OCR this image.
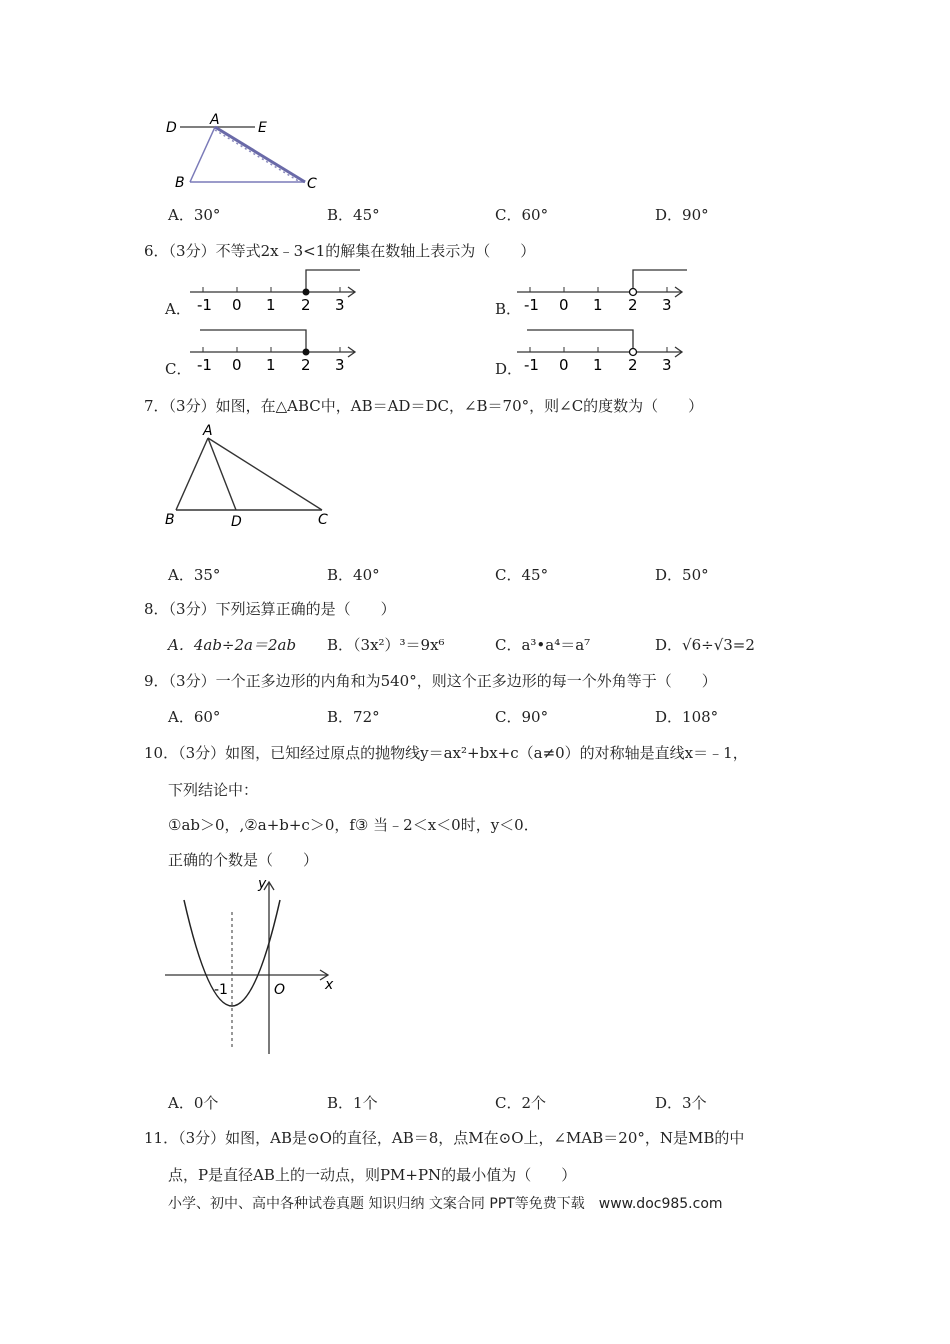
D A	E
B	C
A．30°	B．45°	C．60°	D．90°
6．（3分）不等式2x﹣3<1的解集在数轴上表示为（　　）
A．	B．
C．	D．
-1 0 1 2 3	-1 0 1 2 3
-1 0 1 2 3	-1 0 1 2 3
7．（3分）如图，在△ABC中，AB＝AD＝DC，∠B＝70°，则∠C的度数为（　　）
A
B	D	C
A．35°	B．40°	C．45°	D．50°
8．（3分）下列运算正确的是（　　）
A．4ab÷2a＝2ab B．（3x²）³＝9x⁶	C．a³•a⁴＝a⁷	D．√6÷√3=2
9．（3分）一个正多边形的内角和为540°，则这个正多边形的每一个外角等于（　　）
A．60°	B．72°	C．90°	D．108°
10．（3分）如图，已知经过原点的抛物线y＝ax²+bx+c（a≠0）的对称轴是直线x＝﹣1，
下列结论中：
①ab＞0，,②a+b+c＞0，f③ 当﹣2＜x＜0时，y＜0．
正确的个数是（　　）
y
x
O
-1
A．0个	B．1个	C．2个	D．3个
11．（3分）如图，AB是⊙O的直径，AB＝8，点M在⊙O上，∠MAB＝20°，N是MB的中
点，P是直径AB上的一动点，则PM+PN的最小值为（　　）
小学、初中、高中各种试卷真题 知识归纳 文案合同 PPT等免费下载　www.doc985.com
